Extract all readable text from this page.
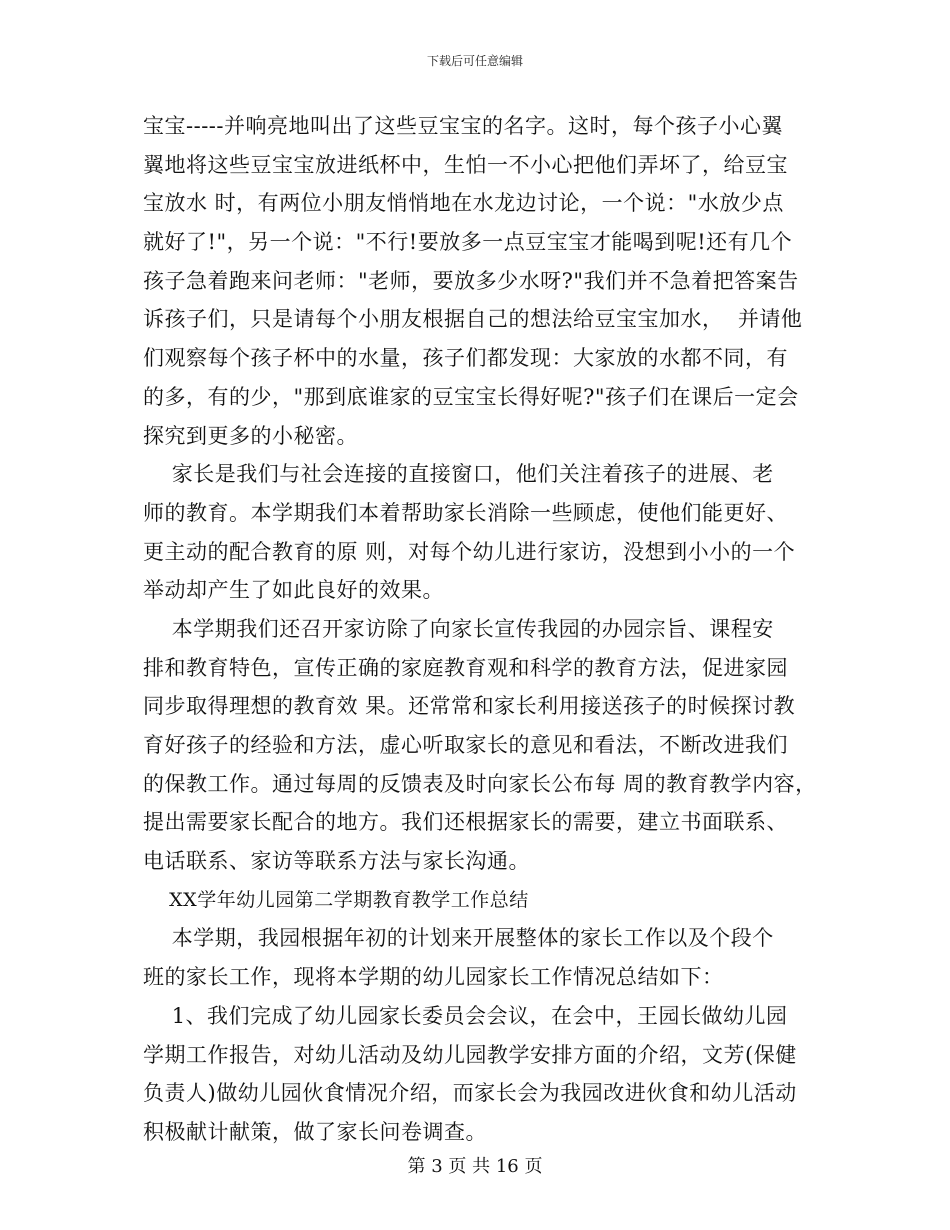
下载后可任意编辑
宝宝-----并响亮地叫出了这些豆宝宝的名字。这时，每个孩子小心翼
翼地将这些豆宝宝放进纸杯中，生怕一不小心把他们弄坏了，给豆宝
宝放水 时，有两位小朋友悄悄地在水龙边讨论，一个说："水放少点
就好了!"，另一个说："不行!要放多一点豆宝宝才能喝到呢!还有几个
孩子急着跑来问老师："老师，要放多少水呀?"我们并不急着把答案告
诉孩子们，只是请每个小朋友根据自己的想法给豆宝宝加水，  并请他
们观察每个孩子杯中的水量，孩子们都发现：大家放的水都不同，有
的多，有的少，"那到底谁家的豆宝宝长得好呢?"孩子们在课后一定会
探究到更多的小秘密。
家长是我们与社会连接的直接窗口，他们关注着孩子的进展、老
师的教育。本学期我们本着帮助家长消除一些顾虑，使他们能更好、
更主动的配合教育的原 则，对每个幼儿进行家访，没想到小小的一个
举动却产生了如此良好的效果。
本学期我们还召开家访除了向家长宣传我园的办园宗旨、课程安
排和教育特色，宣传正确的家庭教育观和科学的教育方法，促进家园
同步取得理想的教育效 果。还常常和家长利用接送孩子的时候探讨教
育好孩子的经验和方法，虚心听取家长的意见和看法，不断改进我们
的保教工作。通过每周的反馈表及时向家长公布每 周的教育教学内容，
提出需要家长配合的地方。我们还根据家长的需要，建立书面联系、
电话联系、家访等联系方法与家长沟通。
XX学年幼儿园第二学期教育教学工作总结
本学期，我园根据年初的计划来开展整体的家长工作以及个段个
班的家长工作，现将本学期的幼儿园家长工作情况总结如下：
1、我们完成了幼儿园家长委员会会议，在会中，王园长做幼儿园
学期工作报告，对幼儿活动及幼儿园教学安排方面的介绍，文芳(保健
负责人)做幼儿园伙食情况介绍，而家长会为我园改进伙食和幼儿活动
积极献计献策，做了家长问卷调查。
第 3 页 共 16 页
